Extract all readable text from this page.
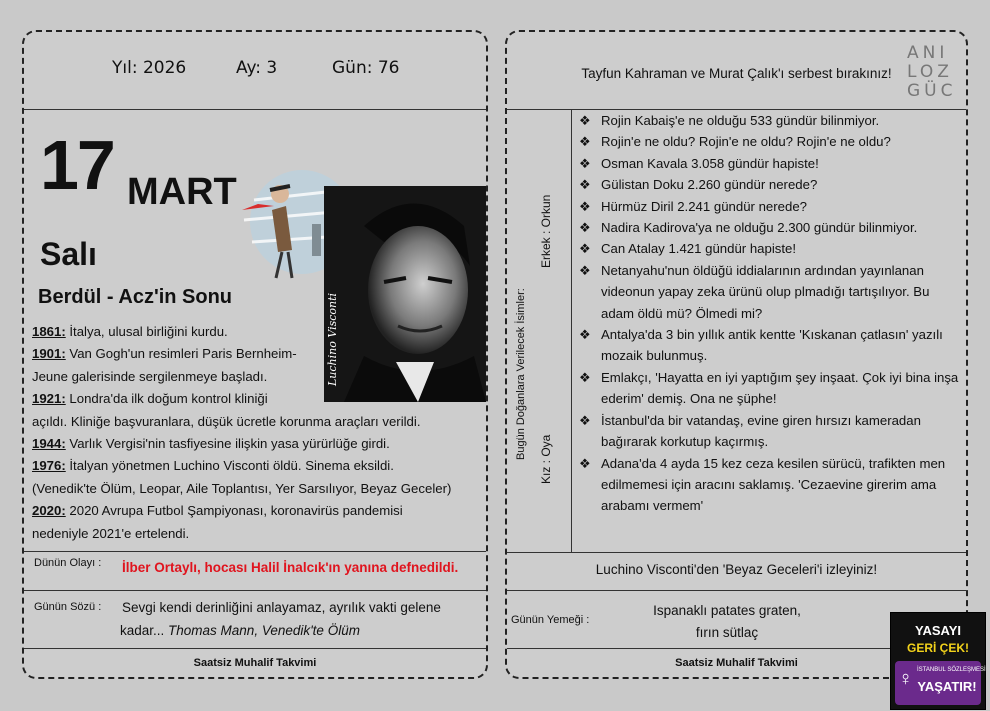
Yıl: 2026	Ay: 3	Gün: 76
17 MART
Salı
Berdül - Acz'in Sonu	Luchino Visconti
1861: İtalya, ulusal birliğini kurdu.
1901: Van Gogh'un resimleri Paris Bernheim-
Jeune galerisinde sergilenmeye başladı.
1921: Londra'da ilk doğum kontrol kliniği
açıldı. Kliniğe başvuranlara, düşük ücretle korunma araçları verildi.
1944: Varlık Vergisi'nin tasfiyesine ilişkin yasa yürürlüğe girdi.
1976: İtalyan yönetmen Luchino Visconti öldü. Sinema eksildi.
(Venedik'te Ölüm, Leopar, Aile Toplantısı, Yer Sarsılıyor, Beyaz Geceler)
2020: 2020 Avrupa Futbol Şampiyonası, koronavirüs pandemisi
nedeniyle 2021'e ertelendi.
Dünün Olayı : İlber Ortaylı, hocası Halil İnalcık'ın yanına defnedildi.
Günün Sözü : Sevgi kendi derinliğini anlayamaz, ayrılık vakti gelene
kadar... Thomas Mann, Venedik'te Ölüm
Saatsiz Muhalif Takvimi
Tayfun Kahraman ve Murat Çalık'ı serbest bırakınız!
ANI
LOZ
GÜC
Bugün Doğanlara Verilecek İsimler:
Erkek : Orkun
Kız : Oya
❖ Rojin Kabaiş'e ne olduğu 533 gündür bilinmiyor.
❖ Rojin'e ne oldu? Rojin'e ne oldu? Rojin'e ne oldu?
❖ Osman Kavala 3.058 gündür hapiste!
❖ Gülistan Doku 2.260 gündür nerede?
❖ Hürmüz Diril 2.241 gündür nerede?
❖ Nadira Kadirova'ya ne olduğu 2.300 gündür bilinmiyor.
❖ Can Atalay 1.421 gündür hapiste!
❖ Netanyahu'nun öldüğü iddialarının ardından yayınlanan videonun yapay zeka ürünü olup plmadığı tartışılıyor. Bu adam öldü mü? Ölmedi mi?
❖ Antalya'da 3 bin yıllık antik kentte 'Kıskanan çatlasın' yazılı mozaik bulunmuş.
❖ Emlakçı, 'Hayatta en iyi yaptığım şey inşaat. Çok iyi bina inşa ederim' demiş. Ona ne şüphe!
❖ İstanbul'da bir vatandaş, evine giren hırsızı kameradan bağırarak korkutup kaçırmış.
❖ Adana'da 4 ayda 15 kez ceza kesilen sürücü, trafikten men edilmemesi için aracını saklamış. 'Cezaevine girerim ama arabamı vermem'
Luchino Visconti'den 'Beyaz Geceleri'i izleyiniz!
Günün Yemeği :
Ispanaklı patates graten,
fırın sütlaç
Saatsiz Muhalif Takvimi
YASAYI
GERİ ÇEK!
♀ İSTANBUL SÖZLEŞMESİ
YAŞATIR!
